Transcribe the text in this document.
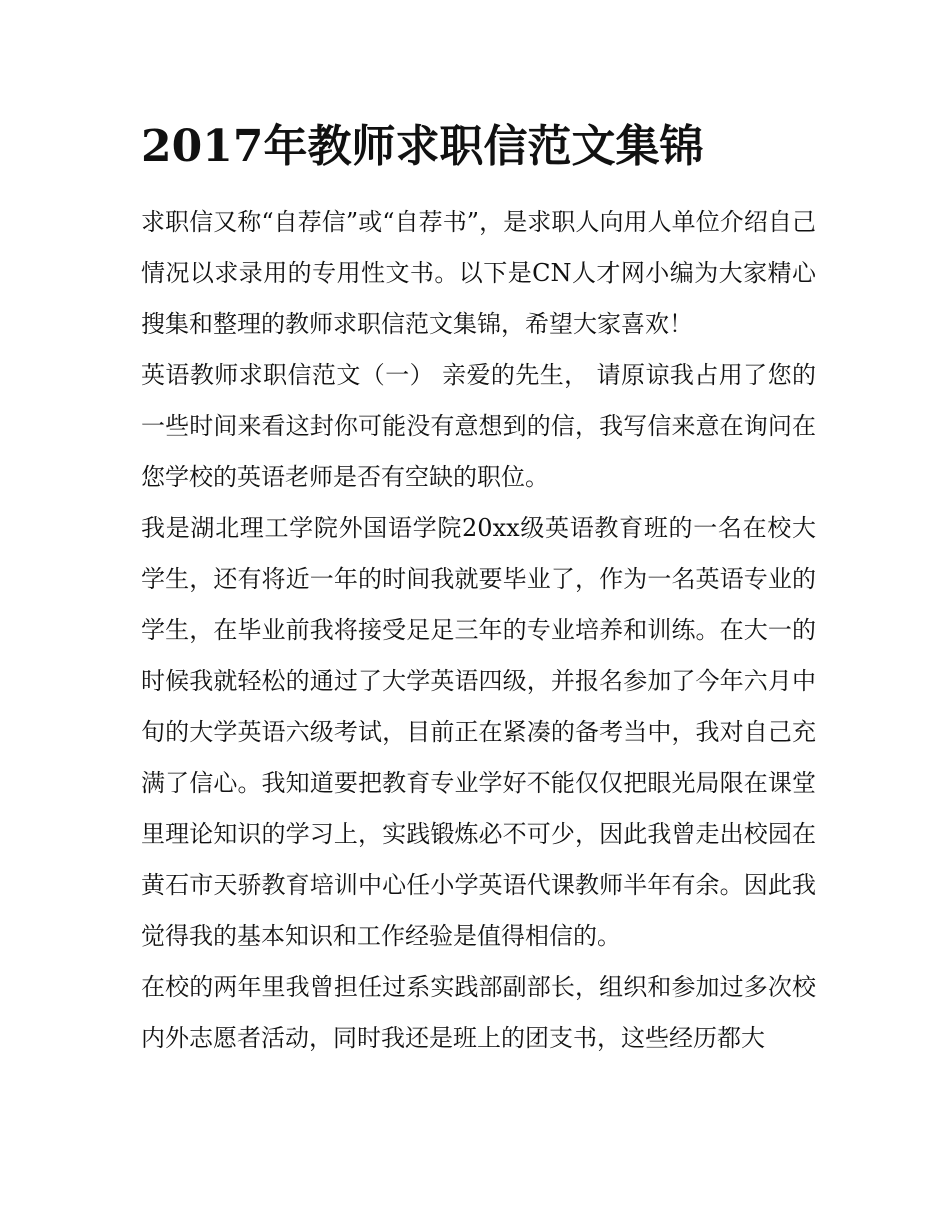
2017年教师求职信范文集锦

求职信又称“自荐信”或“自荐书”，是求职人向用人单位介绍自己情况以求录用的专用性文书。以下是CN人才网小编为大家精心搜集和整理的教师求职信范文集锦，希望大家喜欢！

英语教师求职信范文（一） 亲爱的先生， 请原谅我占用了您的一些时间来看这封你可能没有意想到的信，我写信来意在询问在您学校的英语老师是否有空缺的职位。

我是湖北理工学院外国语学院20xx级英语教育班的一名在校大学生，还有将近一年的时间我就要毕业了，作为一名英语专业的学生，在毕业前我将接受足足三年的专业培养和训练。在大一的时候我就轻松的通过了大学英语四级，并报名参加了今年六月中旬的大学英语六级考试，目前正在紧凑的备考当中，我对自己充满了信心。我知道要把教育专业学好不能仅仅把眼光局限在课堂里理论知识的学习上，实践锻炼必不可少，因此我曾走出校园在黄石市天骄教育培训中心任小学英语代课教师半年有余。因此我觉得我的基本知识和工作经验是值得相信的。

在校的两年里我曾担任过系实践部副部长，组织和参加过多次校内外志愿者活动，同时我还是班上的团支书，这些经历都大
